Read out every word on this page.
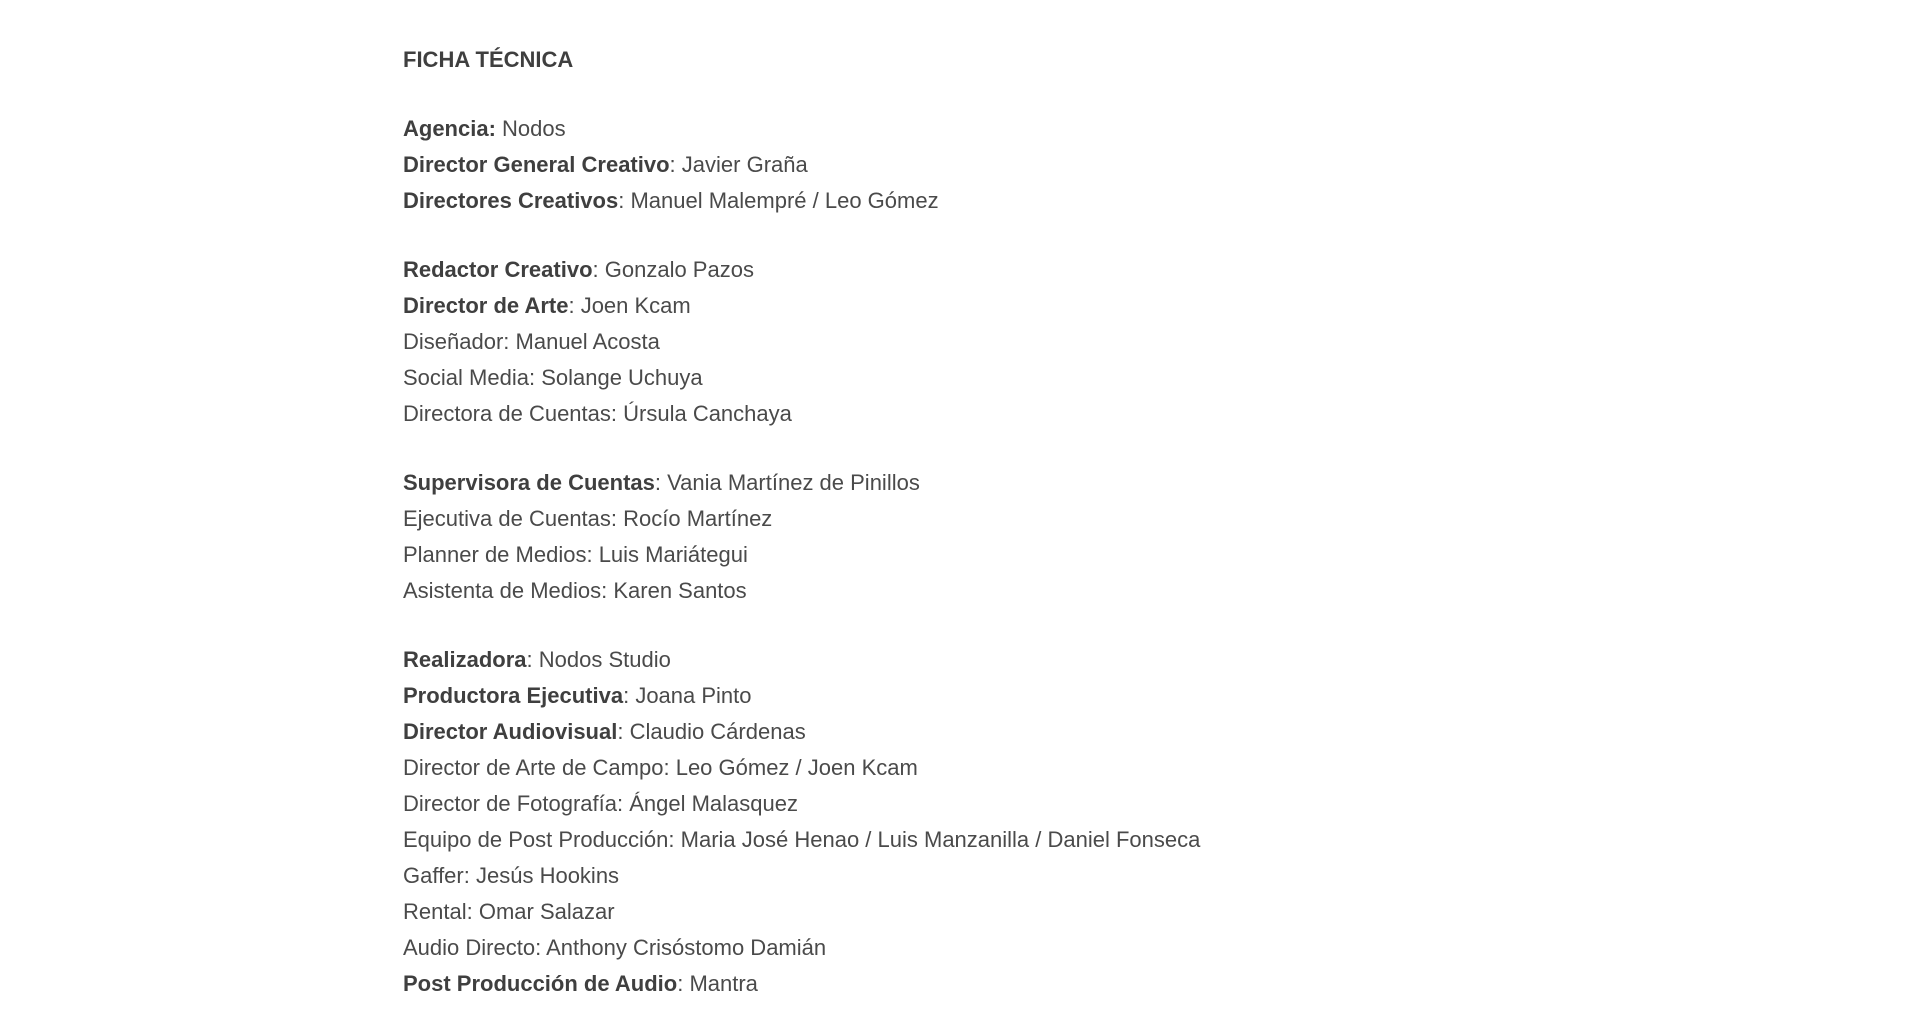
FICHA TÉCNICA
Agencia: Nodos
Director General Creativo: Javier Graña
Directores Creativos: Manuel Malempré / Leo Gómez
Redactor Creativo: Gonzalo Pazos
Director de Arte: Joen Kcam
Diseñador: Manuel Acosta
Social Media: Solange Uchuya
Directora de Cuentas: Úrsula Canchaya
Supervisora de Cuentas: Vania Martínez de Pinillos
Ejecutiva de Cuentas: Rocío Martínez
Planner de Medios: Luis Mariátegui
Asistenta de Medios: Karen Santos
Realizadora: Nodos Studio
Productora Ejecutiva: Joana Pinto
Director Audiovisual: Claudio Cárdenas
Director de Arte de Campo: Leo Gómez / Joen Kcam
Director de Fotografía: Ángel Malasquez
Equipo de Post Producción: Maria José Henao / Luis Manzanilla / Daniel Fonseca
Gaffer: Jesús Hookins
Rental: Omar Salazar
Audio Directo: Anthony Crisóstomo Damián
Post Producción de Audio: Mantra
